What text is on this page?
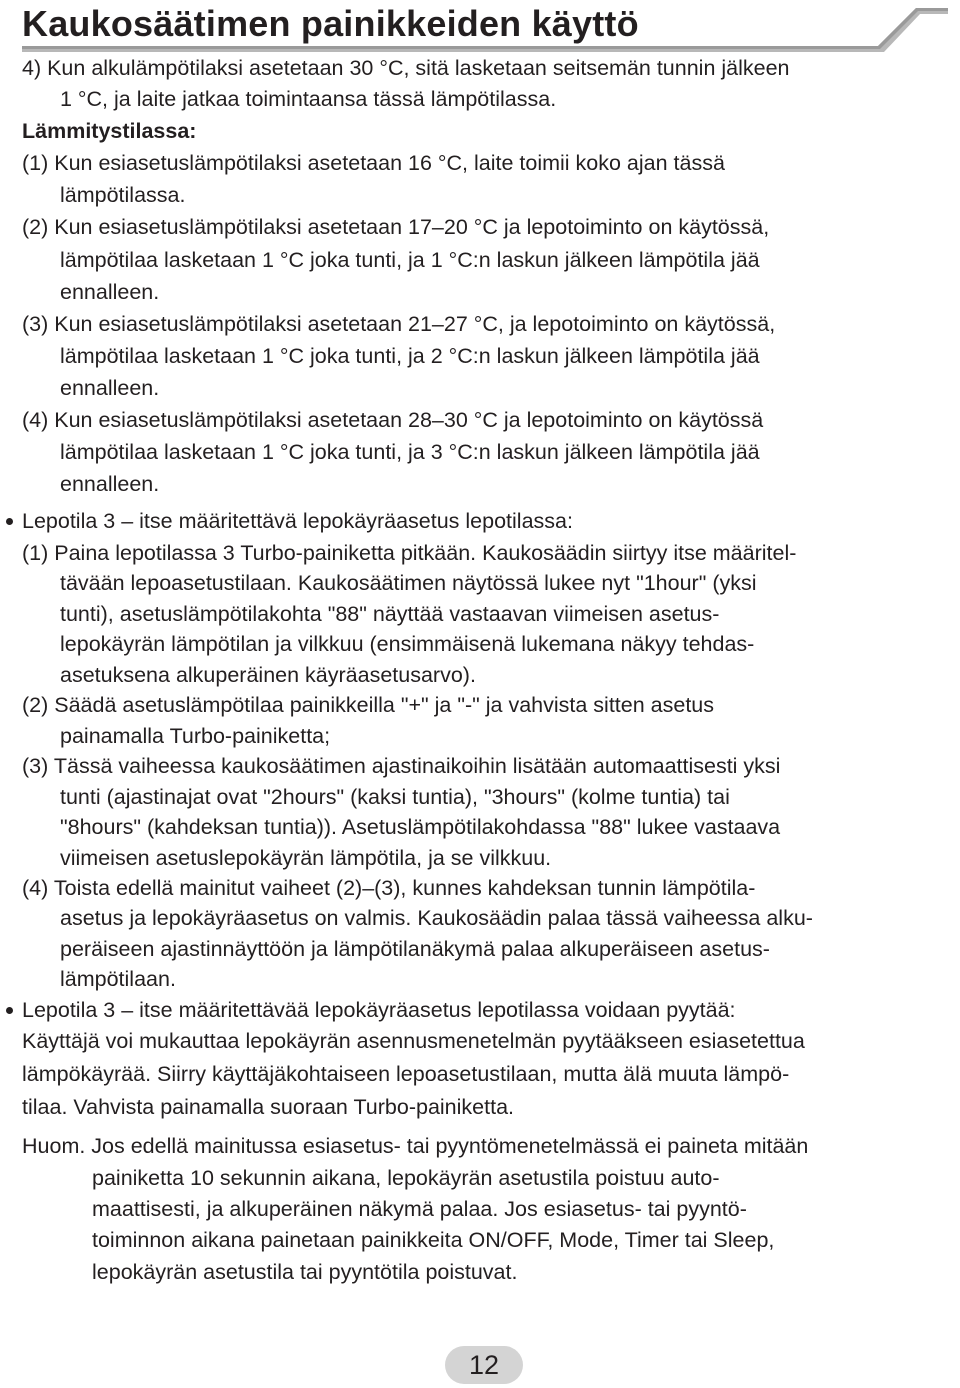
Kaukosäätimen painikkeiden käyttö
4) Kun alkulämpötilaksi asetetaan 30 °C, sitä lasketaan seitsemän tunnin jälkeen
1 °C, ja laite jatkaa toimintaansa tässä lämpötilassa.
Lämmitystilassa:
(1) Kun esiasetuslämpötilaksi asetetaan 16 °C, laite toimii koko ajan tässä
lämpötilassa.
(2) Kun esiasetuslämpötilaksi asetetaan 17–20 °C ja lepotoiminto on käytössä,
lämpötilaa lasketaan 1 °C joka tunti, ja 1 °C:n laskun jälkeen lämpötila jää
ennalleen.
(3) Kun esiasetuslämpötilaksi asetetaan 21–27 °C, ja lepotoiminto on käytössä,
lämpötilaa lasketaan 1 °C joka tunti, ja 2 °C:n laskun jälkeen lämpötila jää
ennalleen.
(4) Kun esiasetuslämpötilaksi asetetaan 28–30 °C ja lepotoiminto on käytössä
lämpötilaa lasketaan 1 °C joka tunti, ja 3 °C:n laskun jälkeen lämpötila jää
ennalleen.
Lepotila 3 – itse määritettävä lepokäyräasetus lepotilassa:
(1) Paina lepotilassa 3 Turbo-painiketta pitkään. Kaukosäädin siirtyy itse määritel-
tävään lepoasetustilaan. Kaukosäätimen näytössä lukee nyt "1hour" (yksi
tunti), asetuslämpötilakohta "88" näyttää vastaavan viimeisen asetus-
lepokäyrän lämpötilan ja vilkkuu (ensimmäisenä lukemana näkyy tehdas-
asetuksena alkuperäinen käyräasetusarvo).
(2) Säädä asetuslämpötilaa painikkeilla "+" ja "-" ja vahvista sitten asetus
painamalla Turbo-painiketta;
(3) Tässä vaiheessa kaukosäätimen ajastinaikoihin lisätään automaattisesti yksi
tunti (ajastinajat ovat "2hours" (kaksi tuntia), "3hours" (kolme tuntia) tai
"8hours" (kahdeksan tuntia)). Asetuslämpötilakohdassa "88" lukee vastaava
viimeisen asetuslepokäyrän lämpötila, ja se vilkkuu.
(4) Toista edellä mainitut vaiheet (2)–(3), kunnes kahdeksan tunnin lämpötila-
asetus ja lepokäyräasetus on valmis. Kaukosäädin palaa tässä vaiheessa alku-
peräiseen ajastinnäyttöön ja lämpötilanäkymä palaa alkuperäiseen asetus-
lämpötilaan.
Lepotila 3 – itse määritettävää lepokäyräasetus lepotilassa voidaan pyytää:
Käyttäjä voi mukauttaa lepokäyrän asennusmenetelmän pyytääkseen esiasetettua
lämpökäyrää. Siirry käyttäjäkohtaiseen lepoasetustilaan, mutta älä muuta lämpö-
tilaa. Vahvista painamalla suoraan Turbo-painiketta.
Huom. Jos edellä mainitussa esiasetus- tai pyyntömenetelmässä ei paineta mitään
painiketta 10 sekunnin aikana, lepokäyrän asetustila poistuu auto-
maattisesti, ja alkuperäinen näkymä palaa. Jos esiasetus- tai pyyntö-
toiminnon aikana painetaan painikkeita ON/OFF, Mode, Timer tai Sleep,
lepokäyrän asetustila tai pyyntötila poistuvat.
12
